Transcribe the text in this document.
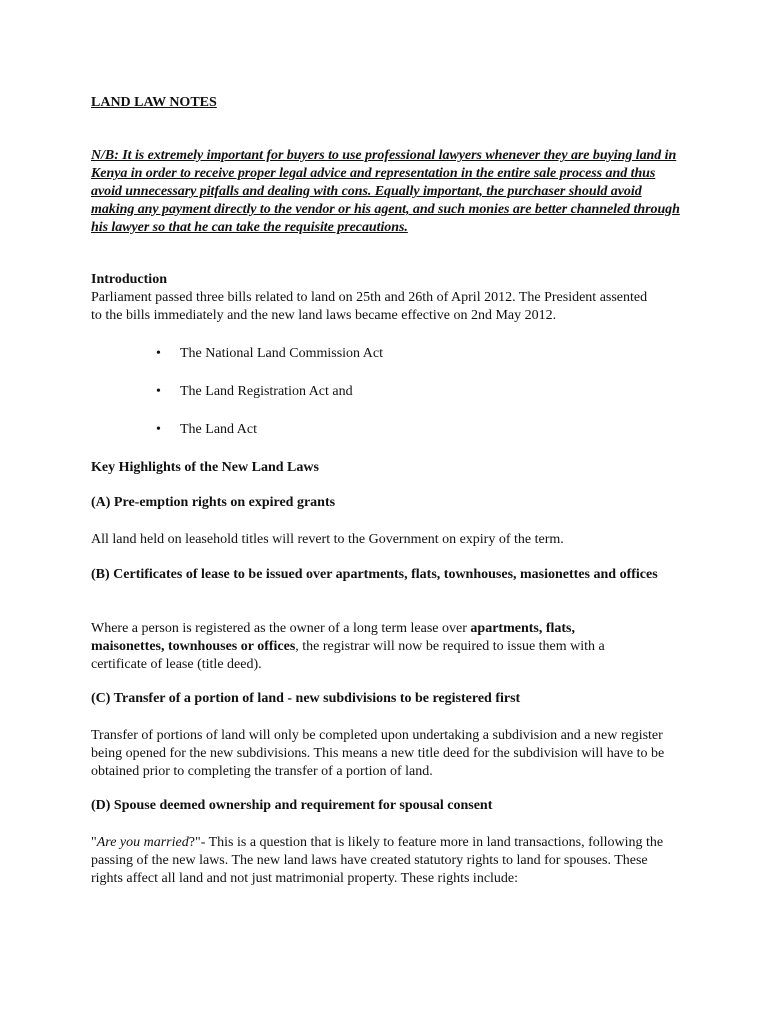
LAND LAW NOTES

N/B: It is extremely important for buyers to use professional lawyers whenever they are buying land in Kenya in order to receive proper legal advice and representation in the entire sale process and thus avoid unnecessary pitfalls and dealing with cons. Equally important, the purchaser should avoid making any payment directly to the vendor or his agent, and such monies are better channeled through his lawyer so that he can take the requisite precautions.

Introduction

Parliament passed three bills related to land on 25th and 26th of April 2012. The President assented to the bills immediately and the new land laws became effective on 2nd May 2012.

• The National Land Commission Act
• The Land Registration Act and
• The Land Act

Key Highlights of the New Land Laws

(A) Pre-emption rights on expired grants

All land held on leasehold titles will revert to the Government on expiry of the term.

(B) Certificates of lease to be issued over apartments, flats, townhouses, masionettes and offices

Where a person is registered as the owner of a long term lease over apartments, flats, maisonettes, townhouses or offices, the registrar will now be required to issue them with a certificate of lease (title deed).

(C) Transfer of a portion of land - new subdivisions to be registered first

Transfer of portions of land will only be completed upon undertaking a subdivision and a new register being opened for the new subdivisions. This means a new title deed for the subdivision will have to be obtained prior to completing the transfer of a portion of land.

(D) Spouse deemed ownership and requirement for spousal consent

"Are you married?"- This is a question that is likely to feature more in land transactions, following the passing of the new laws. The new land laws have created statutory rights to land for spouses. These rights affect all land and not just matrimonial property. These rights include:
